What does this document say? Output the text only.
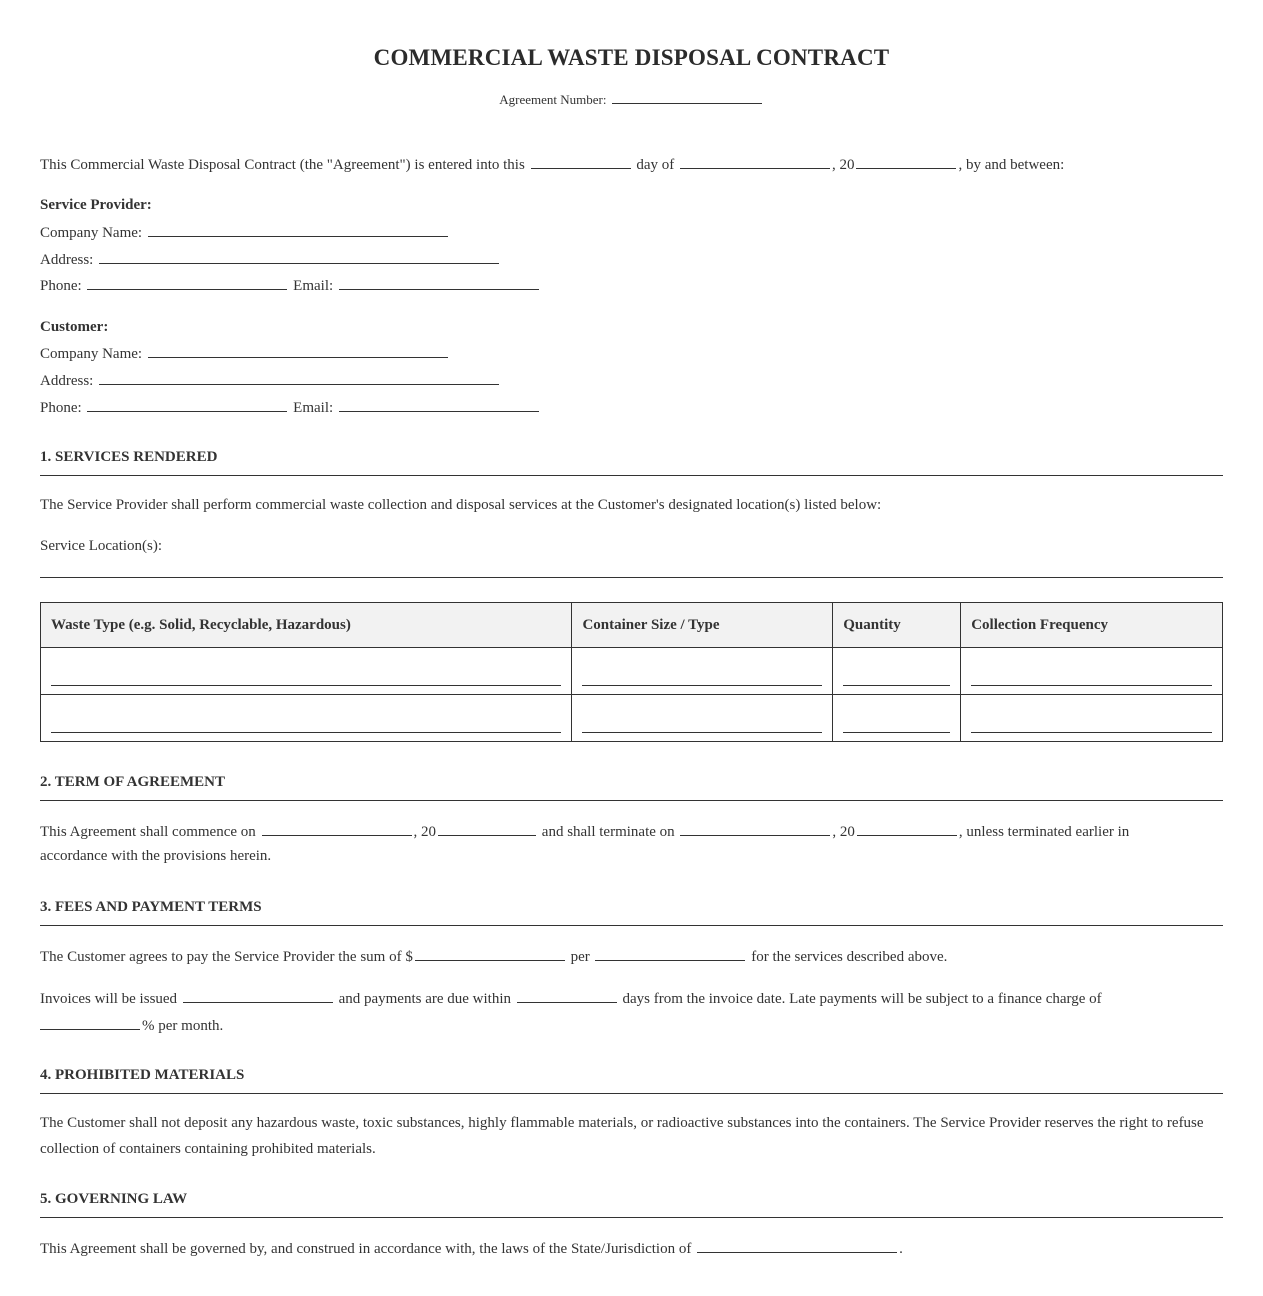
COMMERCIAL WASTE DISPOSAL CONTRACT
Agreement Number:
This Commercial Waste Disposal Contract (the "Agreement") is entered into this	day of	, 20	, by and between:
Service Provider:
Company Name:
Address:
Phone:	Email:
Customer:
Company Name:
Address:
Phone:	Email:
1. SERVICES RENDERED
The Service Provider shall perform commercial waste collection and disposal services at the Customer's designated location(s) listed below:
Service Location(s):
Waste Type (e.g. Solid, Recyclable, Hazardous)	Container Size / Type	Quantity	Collection Frequency

2. TERM OF AGREEMENT
This Agreement shall commence on	, 20	and shall terminate on	, 20	, unless terminated earlier in
accordance with the provisions herein.
3. FEES AND PAYMENT TERMS
The Customer agrees to pay the Service Provider the sum of $	per	for the services described above.
Invoices will be issued	and payments are due within	days from the invoice date. Late payments will be subject to a finance charge of
% per month.
4. PROHIBITED MATERIALS
The Customer shall not deposit any hazardous waste, toxic substances, highly flammable materials, or radioactive substances into the containers. The Service Provider reserves the right to refuse collection of containers containing prohibited materials.
5. GOVERNING LAW
This Agreement shall be governed by, and construed in accordance with, the laws of the State/Jurisdiction of	.
